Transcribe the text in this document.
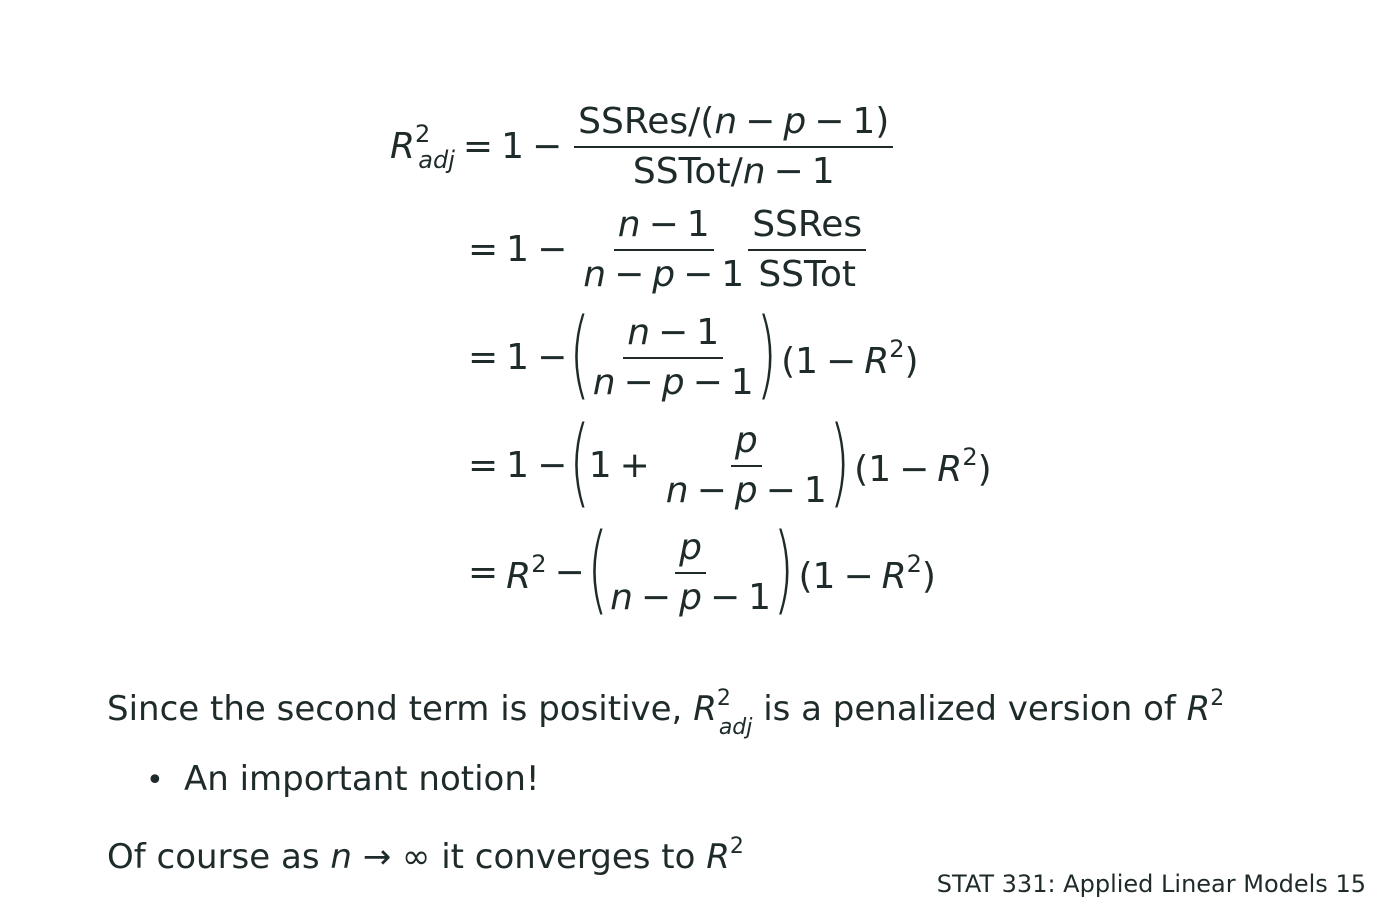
$R^2_{adj} = 1 - \frac{\text{SSRes/(n − p − 1)}}{\text{SSTot/n − 1}}$
= $1 - \frac{n - 1}{n - p - 1} \frac{\text{SSRes}}{\text{SSTot}}$
= 1 − (
$\frac{n - 1}{n - p - 1}$
) $(1 - R^2)$
= 1 − (
$1 + \frac{p}{n - p - 1}$
) $(1 - R^2)$
= $R^2$ − (
$\frac{p}{n - p - 1}$
) $(1 - R^2)$
Since the second term is positive, $R^2adj$ is a penalized version of $R^2$
• An important notion!
Of course as n → ∞ it converges to $R^2$
STAT 331: Applied Linear Models 15
